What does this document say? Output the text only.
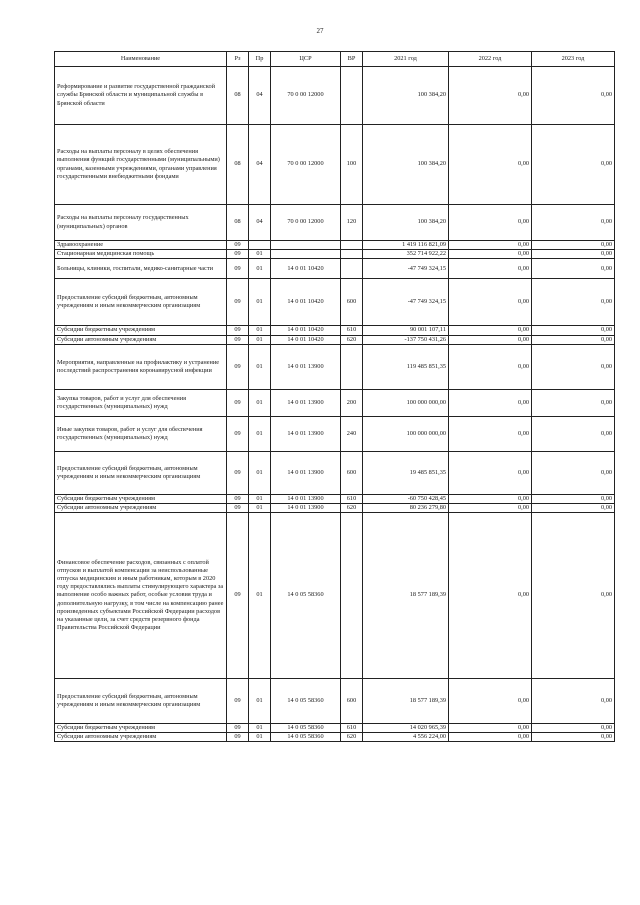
27
Наименование	Рз	Пр	ЦСР	ВР	2021 год	2022 год	2023 год
Реформирование и развитие государственной гражданской службы Брянской области и муниципальной службы в Брянской области	08	04	70 0 00 12000		100 384,20	0,00	0,00
Расходы на выплаты персоналу в целях обеспечения выполнения функций государственными (муниципальными) органами, казенными учреждениями, органами управления государственными внебюджетными фондами	08	04	70 0 00 12000	100	100 384,20	0,00	0,00
Расходы на выплаты персоналу государственных (муниципальных) органов	08	04	70 0 00 12000	120	100 384,20	0,00	0,00
Здравоохранение	09				1 419 116 821,09	0,00	0,00
Стационарная медицинская помощь	09	01			352 714 922,22	0,00	0,00
Больницы, клиники, госпитали, медико-санитарные части	09	01	14 0 01 10420		-47 749 324,15	0,00	0,00
Предоставление субсидий бюджетным, автономным учреждениям и иным некоммерческим организациям	09	01	14 0 01 10420	600	-47 749 324,15	0,00	0,00
Субсидии бюджетным учреждениям	09	01	14 0 01 10420	610	90 001 107,11	0,00	0,00
Субсидии автономным учреждениям	09	01	14 0 01 10420	620	-137 750 431,26	0,00	0,00
Мероприятия, направленные на профилактику и устранение последствий распространения коронавирусной инфекции	09	01	14 0 01 13900		119 485 851,35	0,00	0,00
Закупка товаров, работ и услуг для обеспечения государственных (муниципальных) нужд	09	01	14 0 01 13900	200	100 000 000,00	0,00	0,00
Иные закупки товаров, работ и услуг для обеспечения государственных (муниципальных) нужд	09	01	14 0 01 13900	240	100 000 000,00	0,00	0,00
Предоставление субсидий бюджетным, автономным учреждениям и иным некоммерческим организациям	09	01	14 0 01 13900	600	19 485 851,35	0,00	0,00
Субсидии бюджетным учреждениям	09	01	14 0 01 13900	610	-60 750 428,45	0,00	0,00
Субсидии автономным учреждениям	09	01	14 0 01 13900	620	80 236 279,80	0,00	0,00
Финансовое обеспечение расходов, связанных с оплатой отпусков и выплатой компенсации за неиспользованные отпуска медицинским и иным работникам, которым в 2020 году предоставлялись выплаты стимулирующего характера за выполнение особо важных работ, особые условия труда и дополнительную нагрузку, в том числе на компенсацию ранее произведенных субъектами Российской Федерации расходов на указанные цели, за счет средств резервного фонда Правительства Российской Федерации	09	01	14 0 05 58360		18 577 189,39	0,00	0,00
Предоставление субсидий бюджетным, автономным учреждениям и иным некоммерческим организациям	09	01	14 0 05 58360	600	18 577 189,39	0,00	0,00
Субсидии бюджетным учреждениям	09	01	14 0 05 58360	610	14 020 965,39	0,00	0,00
Субсидии автономным учреждениям	09	01	14 0 05 58360	620	4 556 224,00	0,00	0,00
